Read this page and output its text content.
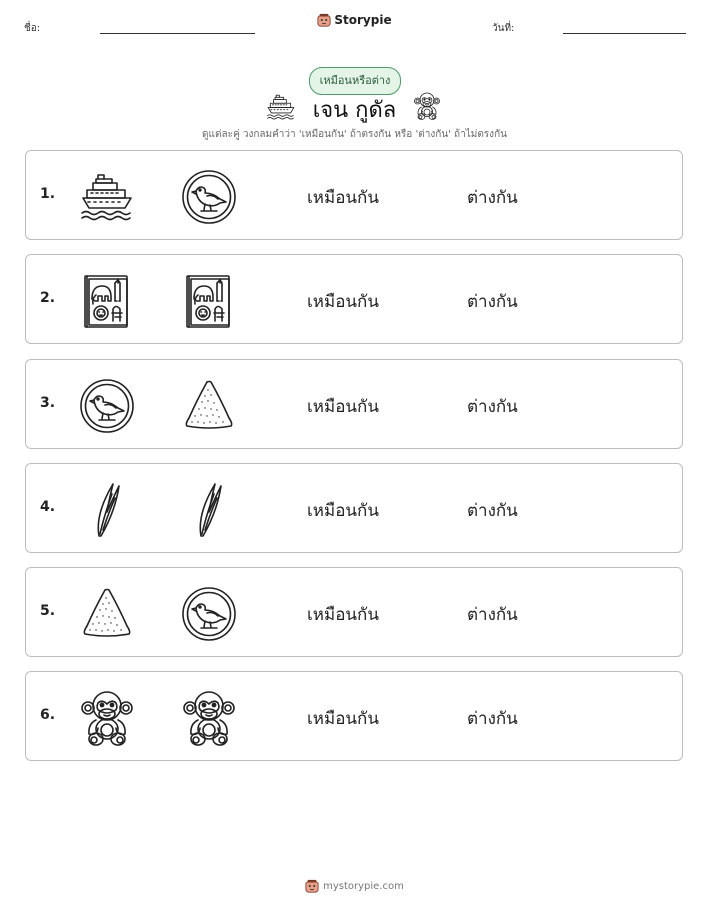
ชื่อ:
Storypie
วันที่:
เหมือนหรือต่าง
เจน กูดัล
ดูแต่ละคู่ วงกลมคำว่า 'เหมือนกัน' ถ้าตรงกัน หรือ 'ต่างกัน' ถ้าไม่ตรงกัน
1.	เหมือนกัน	ต่างกัน
2.	เหมือนกัน	ต่างกัน
3.	เหมือนกัน	ต่างกัน
4.	เหมือนกัน	ต่างกัน
5.	เหมือนกัน	ต่างกัน
6.	เหมือนกัน	ต่างกัน
mystorypie.com
